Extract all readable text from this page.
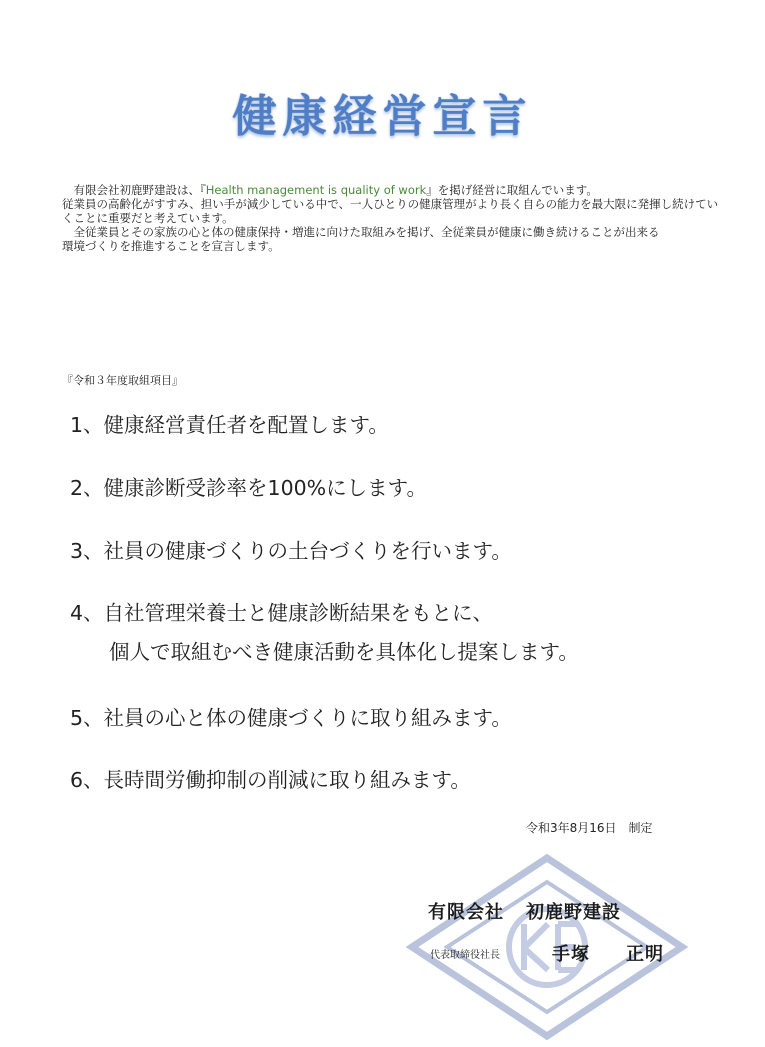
健康経営宣言

　有限会社初鹿野建設は、『Health management is quality of work』を掲げ経営に取組んでいます。

従業員の高齢化がすすみ、担い手が減少している中で、一人ひとりの健康管理がより長く自らの能力を最大限に発揮し続けていくことに重要だと考えています。

　全従業員とその家族の心と体の健康保持・増進に向けた取組みを掲げ、全従業員が健康に働き続けることが出来る

環境づくりを推進することを宣言します。

『令和３年度取組項目』
1、健康経営責任者を配置します。
2、健康診断受診率を100%にします。
3、社員の健康づくりの土台づくりを行います。
4、自社管理栄養士と健康診断結果をもとに、
個人で取組むべき健康活動を具体化し提案します。
5、社員の心と体の健康づくりに取り組みます。
6、長時間労働抑制の削減に取り組みます。
令和3年8月16日　制定
有限会社 初鹿野建設
代表取締役社長	手塚 正明
